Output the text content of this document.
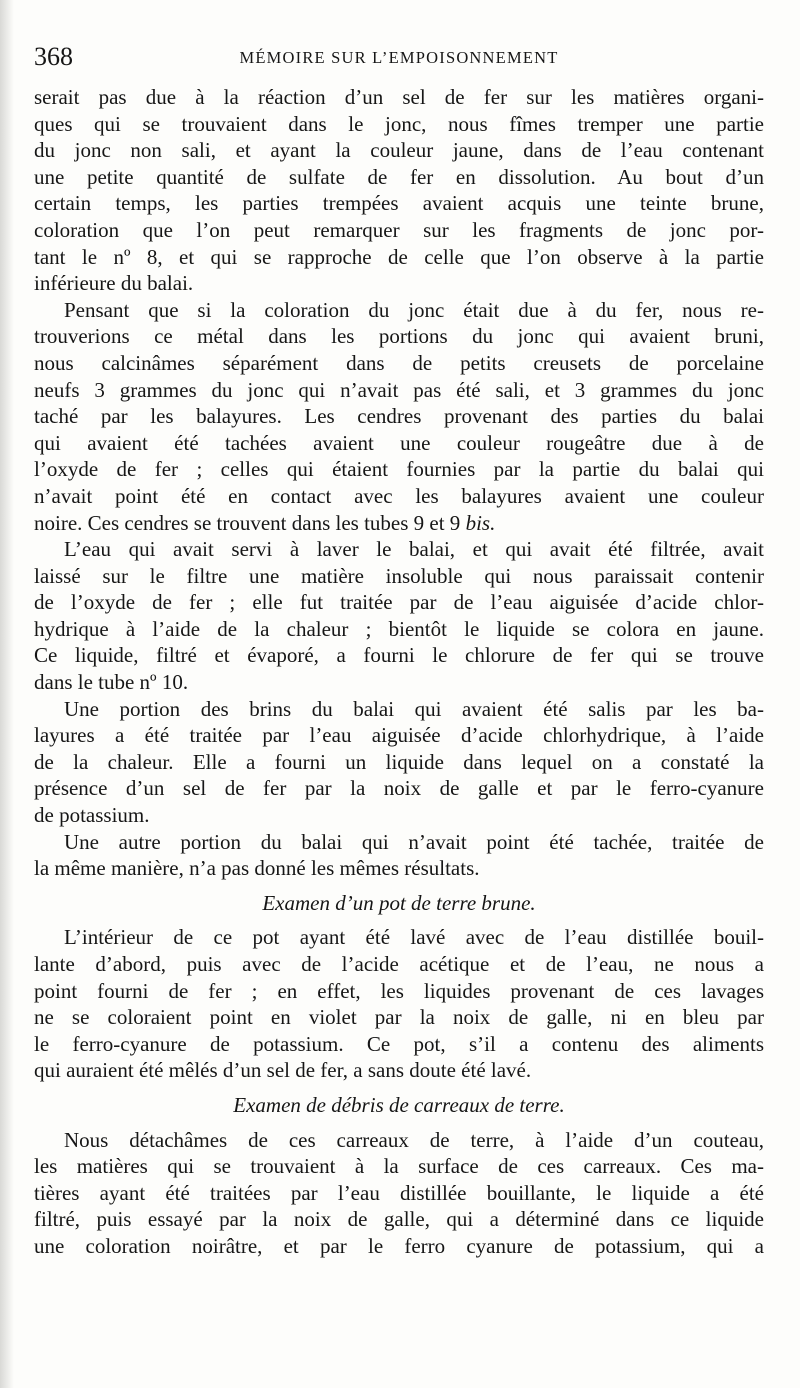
368	MÉMOIRE SUR L’EMPOISONNEMENT
serait pas due à la réaction d’un sel de fer sur les matières organi-
ques qui se trouvaient dans le jonc, nous fîmes tremper une partie
du jonc non sali, et ayant la couleur jaune, dans de l’eau contenant
une petite quantité de sulfate de fer en dissolution. Au bout d’un
certain temps, les parties trempées avaient acquis une teinte brune,
coloration que l’on peut remarquer sur les fragments de jonc por-
tant le nº 8, et qui se rapproche de celle que l’on observe à la partie
inférieure du balai.
Pensant que si la coloration du jonc était due à du fer, nous re-
trouverions ce métal dans les portions du jonc qui avaient bruni,
nous calcinâmes séparément dans de petits creusets de porcelaine
neufs 3 grammes du jonc qui n’avait pas été sali, et 3 grammes du jonc
taché par les balayures. Les cendres provenant des parties du balai
qui avaient été tachées avaient une couleur rougeâtre due à de
l’oxyde de fer ; celles qui étaient fournies par la partie du balai qui
n’avait point été en contact avec les balayures avaient une couleur
noire. Ces cendres se trouvent dans les tubes 9 et 9 bis.
L’eau qui avait servi à laver le balai, et qui avait été filtrée, avait
laissé sur le filtre une matière insoluble qui nous paraissait contenir
de l’oxyde de fer ; elle fut traitée par de l’eau aiguisée d’acide chlor-
hydrique à l’aide de la chaleur ; bientôt le liquide se colora en jaune.
Ce liquide, filtré et évaporé, a fourni le chlorure de fer qui se trouve
dans le tube nº 10.
Une portion des brins du balai qui avaient été salis par les ba-
layures a été traitée par l’eau aiguisée d’acide chlorhydrique, à l’aide
de la chaleur. Elle a fourni un liquide dans lequel on a constaté la
présence d’un sel de fer par la noix de galle et par le ferro-cyanure
de potassium.
Une autre portion du balai qui n’avait point été tachée, traitée de
la même manière, n’a pas donné les mêmes résultats.
Examen d’un pot de terre brune.
L’intérieur de ce pot ayant été lavé avec de l’eau distillée bouil-
lante d’abord, puis avec de l’acide acétique et de l’eau, ne nous a
point fourni de fer ; en effet, les liquides provenant de ces lavages
ne se coloraient point en violet par la noix de galle, ni en bleu par
le ferro-cyanure de potassium. Ce pot, s’il a contenu des aliments
qui auraient été mêlés d’un sel de fer, a sans doute été lavé.
Examen de débris de carreaux de terre.
Nous détachâmes de ces carreaux de terre, à l’aide d’un couteau,
les matières qui se trouvaient à la surface de ces carreaux. Ces ma-
tières ayant été traitées par l’eau distillée bouillante, le liquide a été
filtré, puis essayé par la noix de galle, qui a déterminé dans ce liquide
une coloration noirâtre, et par le ferro cyanure de potassium, qui a
